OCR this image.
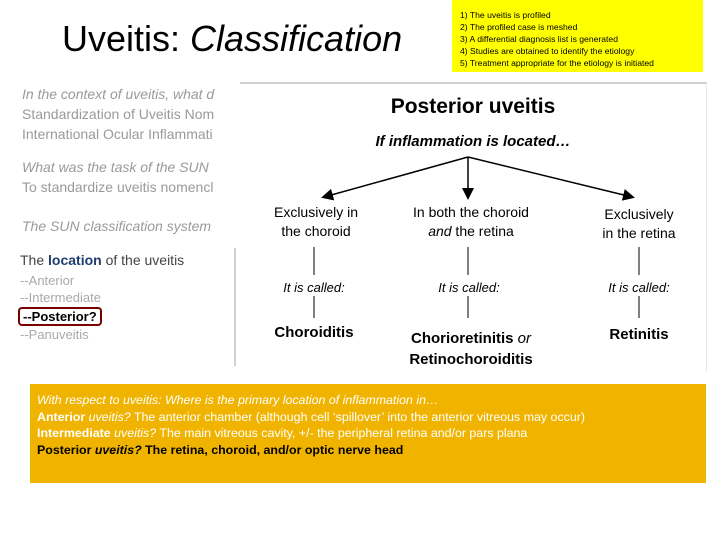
Uveitis: Classification
1) The uveitis is profiled
2) The profiled case is meshed
3) A differential diagnosis list is generated
4) Studies are obtained to identify the etiology
5) Treatment appropriate for the etiology is initiated
In the context of uveitis, what d
Standardization of Uveitis Nom
International Ocular Inflammati
What was the task of the SUN
To standardize uveitis nomencl
The SUN classification system
The location of the uveitis
--Anterior
--Intermediate
--Posterior?
--Panuveitis
Posterior uveitis
If inflammation is located…
Exclusively in
the choroid
It is called:
Choroiditis
In both the choroid
and the retina
It is called:
Chorioretinitis or
Retinochoroiditis
Exclusively
in the retina
It is called:
Retinitis
With respect to uveitis: Where is the primary location of inflammation in…
Anterior uveitis? The anterior chamber (although cell ‘spillover’ into the anterior vitreous may occur)
Intermediate uveitis? The main vitreous cavity, +/- the peripheral retina and/or pars plana
Posterior uveitis? The retina, choroid, and/or optic nerve head
